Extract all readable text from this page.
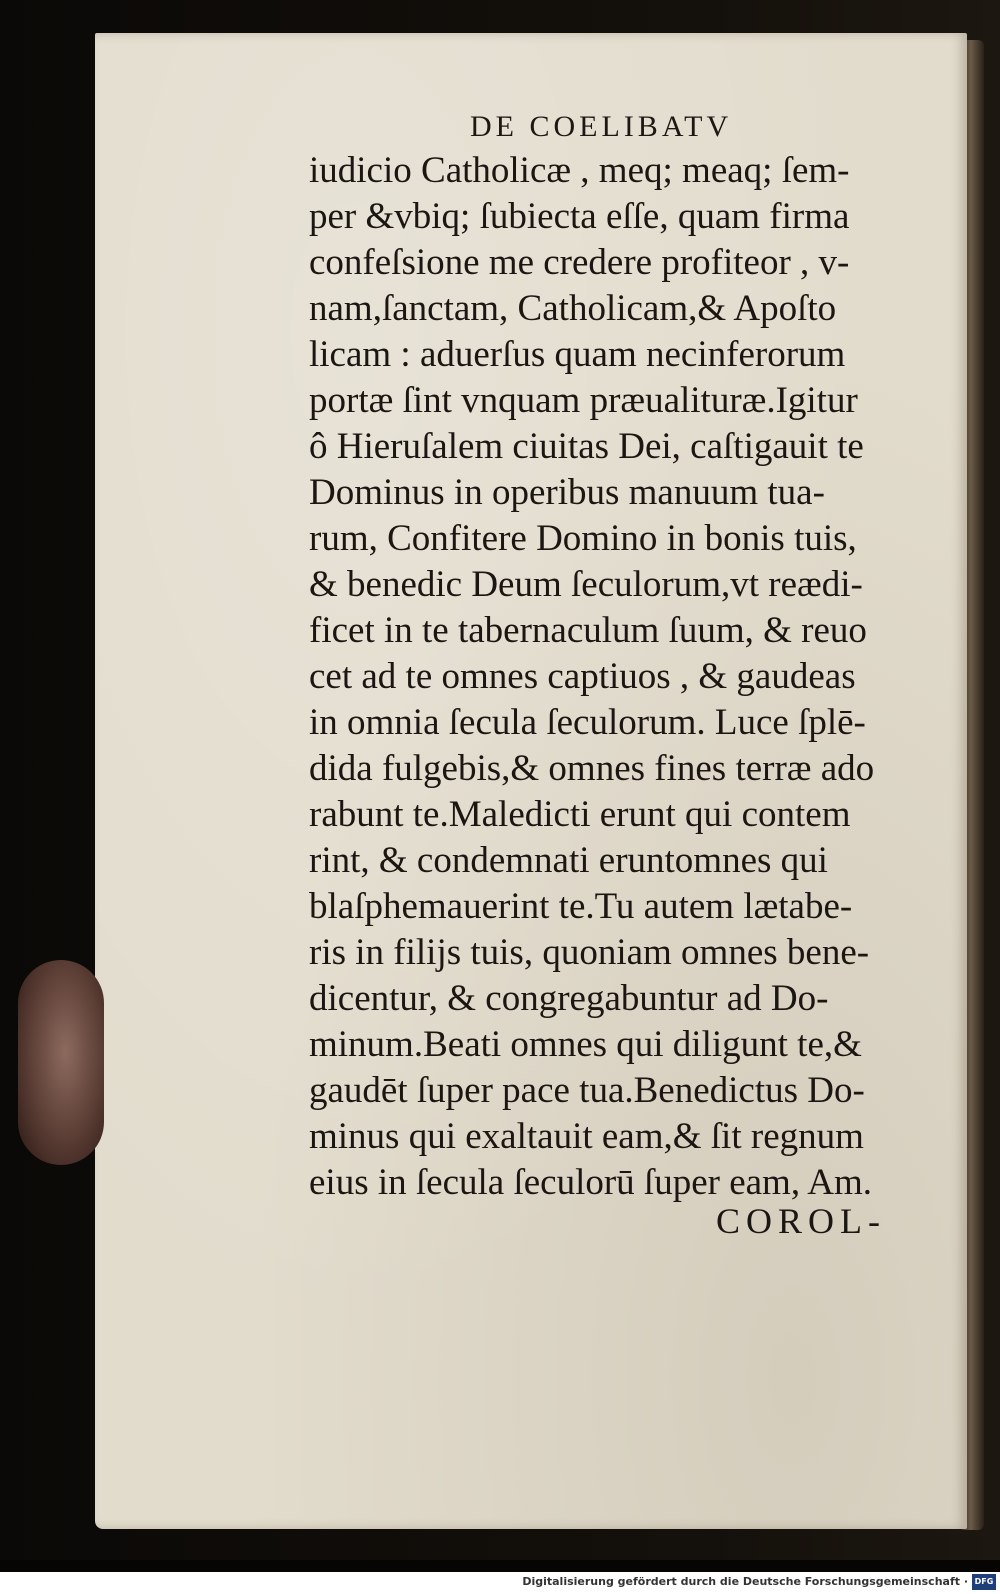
DE COELIBATV
iudicio Catholicæ , meq; meaq; ſem-
per &vbiq; ſubiecta eſſe, quam firma
confeſsione me credere profiteor , v-
nam,ſanctam, Catholicam,& Apoſto
licam : aduerſus quam necinferorum
portæ ſint vnquam præualituræ.Igitur
ô Hieruſalem ciuitas Dei, caſtigauit te
Dominus in operibus manuum tua-
rum, Confitere Domino in bonis tuis,
& benedic Deum ſeculorum,vt reædi-
ficet in te tabernaculum ſuum, & reuo
cet ad te omnes captiuos , & gaudeas
in omnia ſecula ſeculorum. Luce ſplē-
dida fulgebis,& omnes fines terræ ado
rabunt te.Maledicti erunt qui contem
rint, & condemnati eruntomnes qui
blaſphemauerint te.Tu autem lætabe-
ris in filijs tuis, quoniam omnes bene-
dicentur, & congregabuntur ad Do-
minum.Beati omnes qui diligunt te,&
gaudēt ſuper pace tua.Benedictus Do-
minus qui exaltauit eam,& ſit regnum
eius in ſecula ſeculorū ſuper eam, Am.
COROL-
Digitalisierung gefördert durch die Deutsche Forschungsgemeinschaft · DFG
